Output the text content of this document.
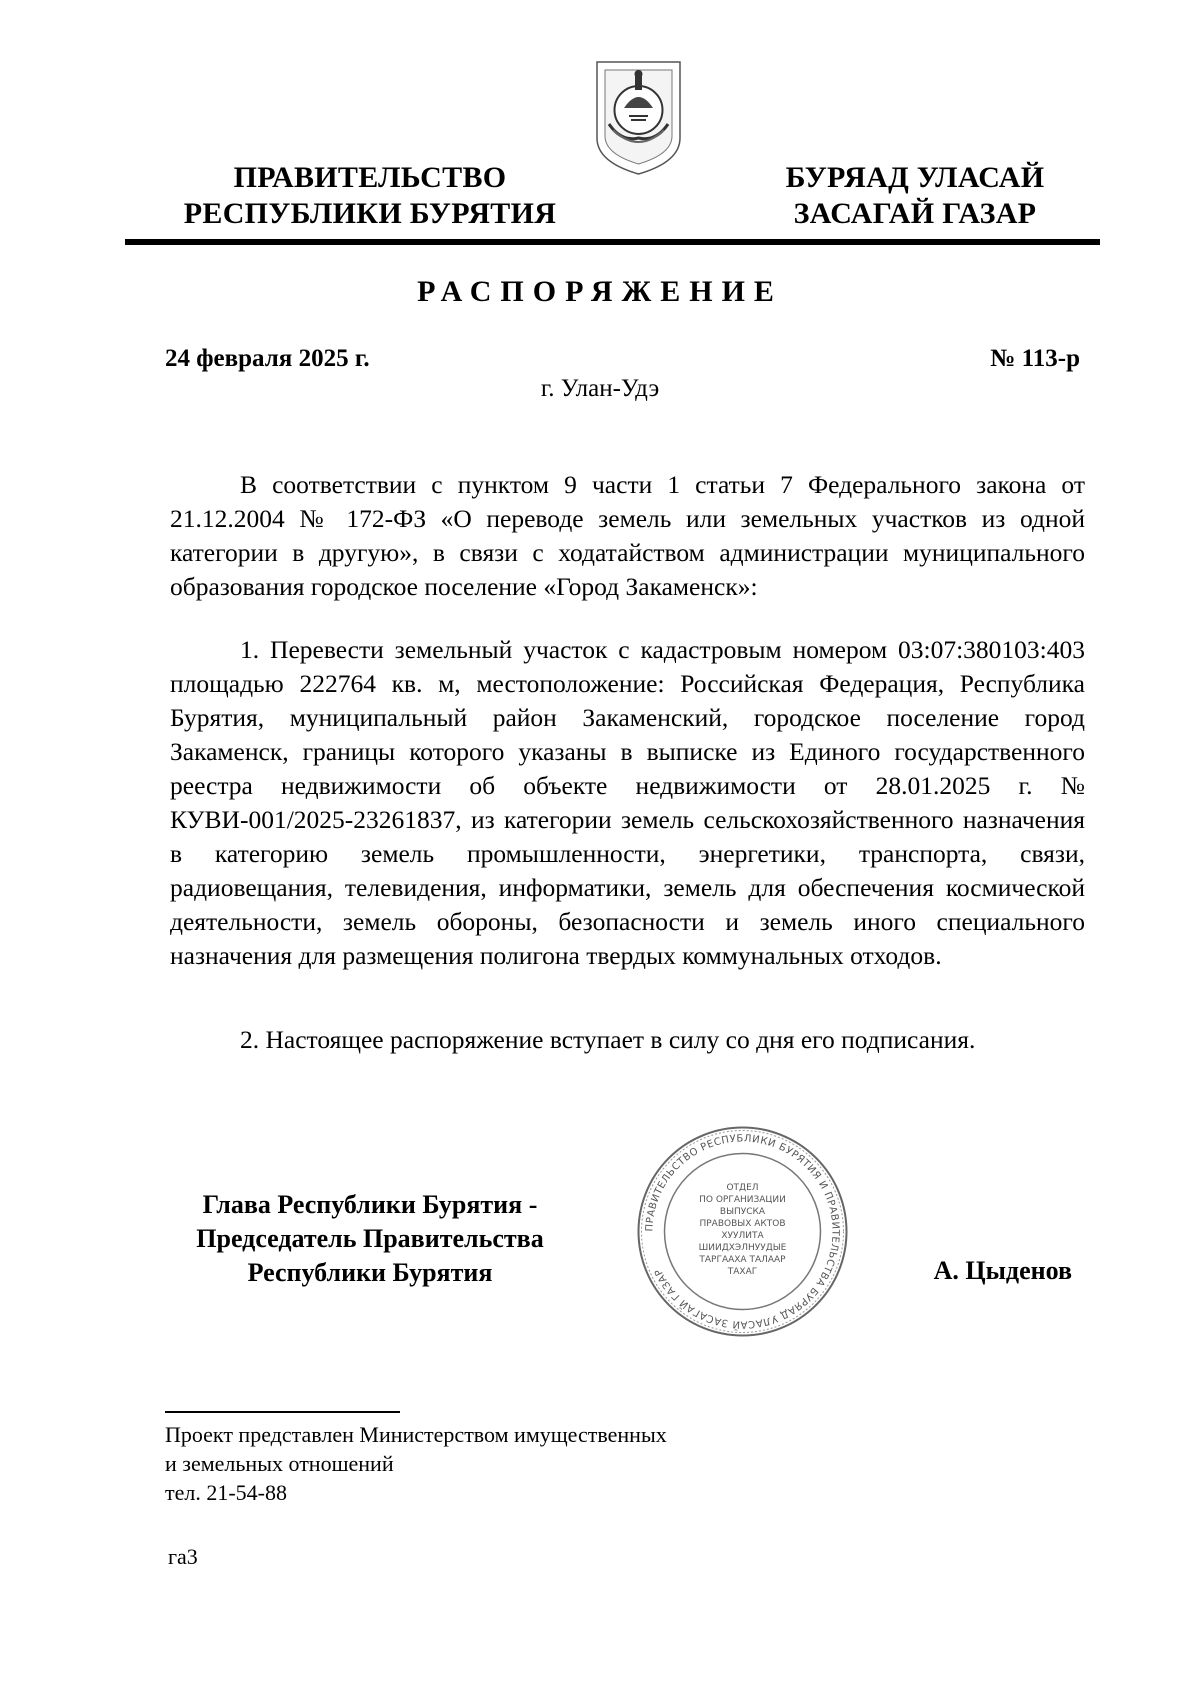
ПРАВИТЕЛЬСТВО
РЕСПУБЛИКИ БУРЯТИЯ
БУРЯАД УЛАСАЙ
ЗАСАГАЙ ГАЗАР
РАСПОРЯЖЕНИЕ
24 февраля 2025 г.	№ 113-р
г. Улан-Удэ

В соответствии с пунктом 9 части 1 статьи 7 Федерального закона от 21.12.2004 № 172-ФЗ «О переводе земель или земельных участков из одной категории в другую», в связи с ходатайством администрации муниципального образования городское поселение «Город Закаменск»:

1. Перевести земельный участок с кадастровым номером 03:07:380103:403 площадью 222764 кв. м, местоположение: Российская Федерация, Республика Бурятия, муниципальный район Закаменский, городское поселение город Закаменск, границы которого указаны в выписке из Единого государственного реестра недвижимости об объекте недвижимости от 28.01.2025 г. № КУВИ-001/2025-23261837, из категории земель сельскохозяйственного назначения в категорию земель промышленности, энергетики, транспорта, связи, радиовещания, телевидения, информатики, земель для обеспечения космической деятельности, земель обороны, безопасности и земель иного специального назначения для размещения полигона твердых коммунальных отходов.

2. Настоящее распоряжение вступает в силу со дня его подписания.

Глава Республики Бурятия -
Председатель Правительства
Республики Бурятия
ПРАВИТЕЛЬСТВО РЕСПУБЛИКИ БУРЯТИЯ И ПРАВИТЕЛЬСТВА БУРЯАД УЛАСАЙ ЗАСАГАЙ ГАЗАР
ОТДЕЛ
ПО ОРГАНИЗАЦИИ
ВЫПУСКА
ПРАВОВЫХ АКТОВ
ХУУЛИТА
ШИИДХЭЛНУУДЫЕ
ТАРГААХА ТАЛААР
ТАХАГ	А. Цыденов
Проект представлен Министерством имущественных
и земельных отношений
тел. 21-54-88
га3
